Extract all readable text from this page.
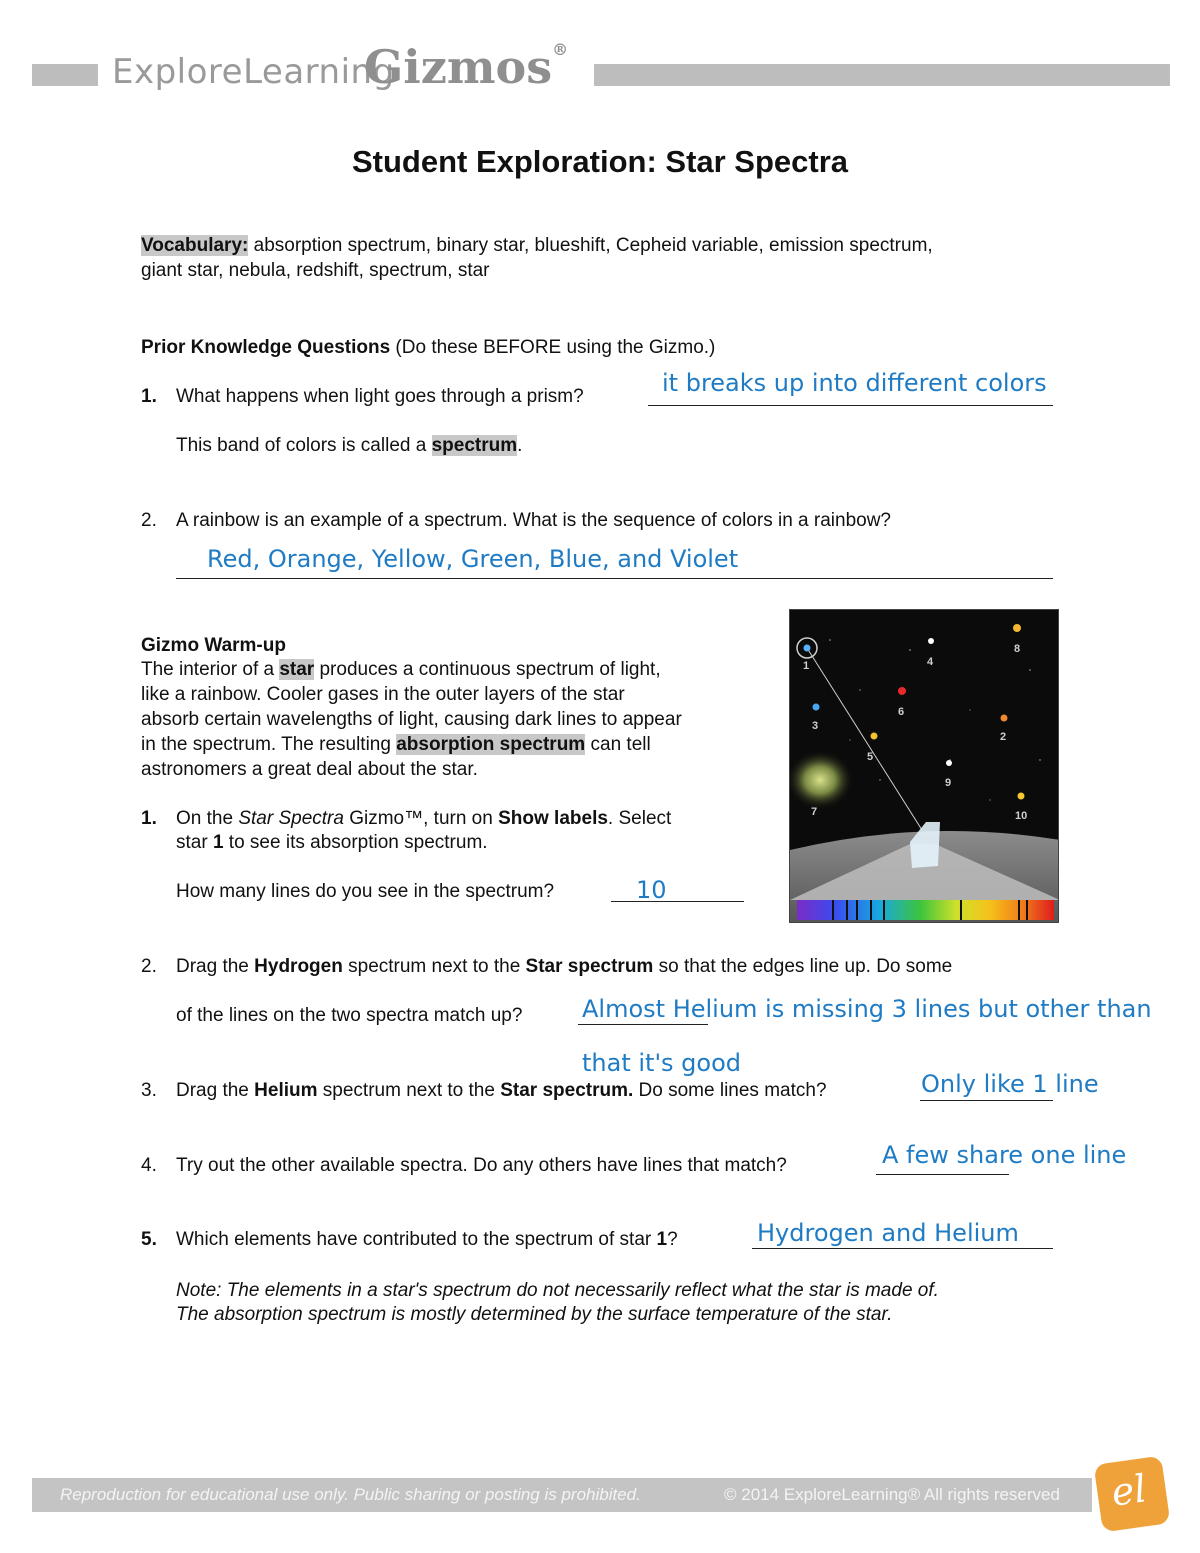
ExploreLearning
Gizmos®
Student Exploration: Star Spectra
Vocabulary: absorption spectrum, binary star, blueshift, Cepheid variable, emission spectrum,
giant star, nebula, redshift, spectrum, star
Prior Knowledge Questions (Do these BEFORE using the Gizmo.)
1. What happens when light goes through a prism?	it breaks up into different colors
This band of colors is called a spectrum.
2. A rainbow is an example of a spectrum. What is the sequence of colors in a rainbow?
Red, Orange, Yellow, Green, Blue, and Violet
Gizmo Warm-up
The interior of a star produces a continuous spectrum of light,
like a rainbow. Cooler gases in the outer layers of the star
absorb certain wavelengths of light, causing dark lines to appear
in the spectrum. The resulting absorption spectrum can tell
astronomers a great deal about the star.
1. On the Star Spectra Gizmo™, turn on Show labels. Select
star 1 to see its absorption spectrum.
How many lines do you see in the spectrum?	10
2. Drag the Hydrogen spectrum next to the Star spectrum so that the edges line up. Do some
of the lines on the two spectra match up? Almost Helium is missing 3 lines but other than
that it's good
3. Drag the Helium spectrum next to the Star spectrum. Do some lines match?	Only like 1 line
4. Try out the other available spectra. Do any others have lines that match?	A few share one line
5. Which elements have contributed to the spectrum of star 1?	Hydrogen and Helium
Note: The elements in a star's spectrum do not necessarily reflect what the star is made of.
The absorption spectrum is mostly determined by the surface temperature of the star.
1
2
3
4
5
6
7
8
9
10
Reproduction for educational use only. Public sharing or posting is prohibited.	© 2014 ExploreLearning® All rights reserved el
